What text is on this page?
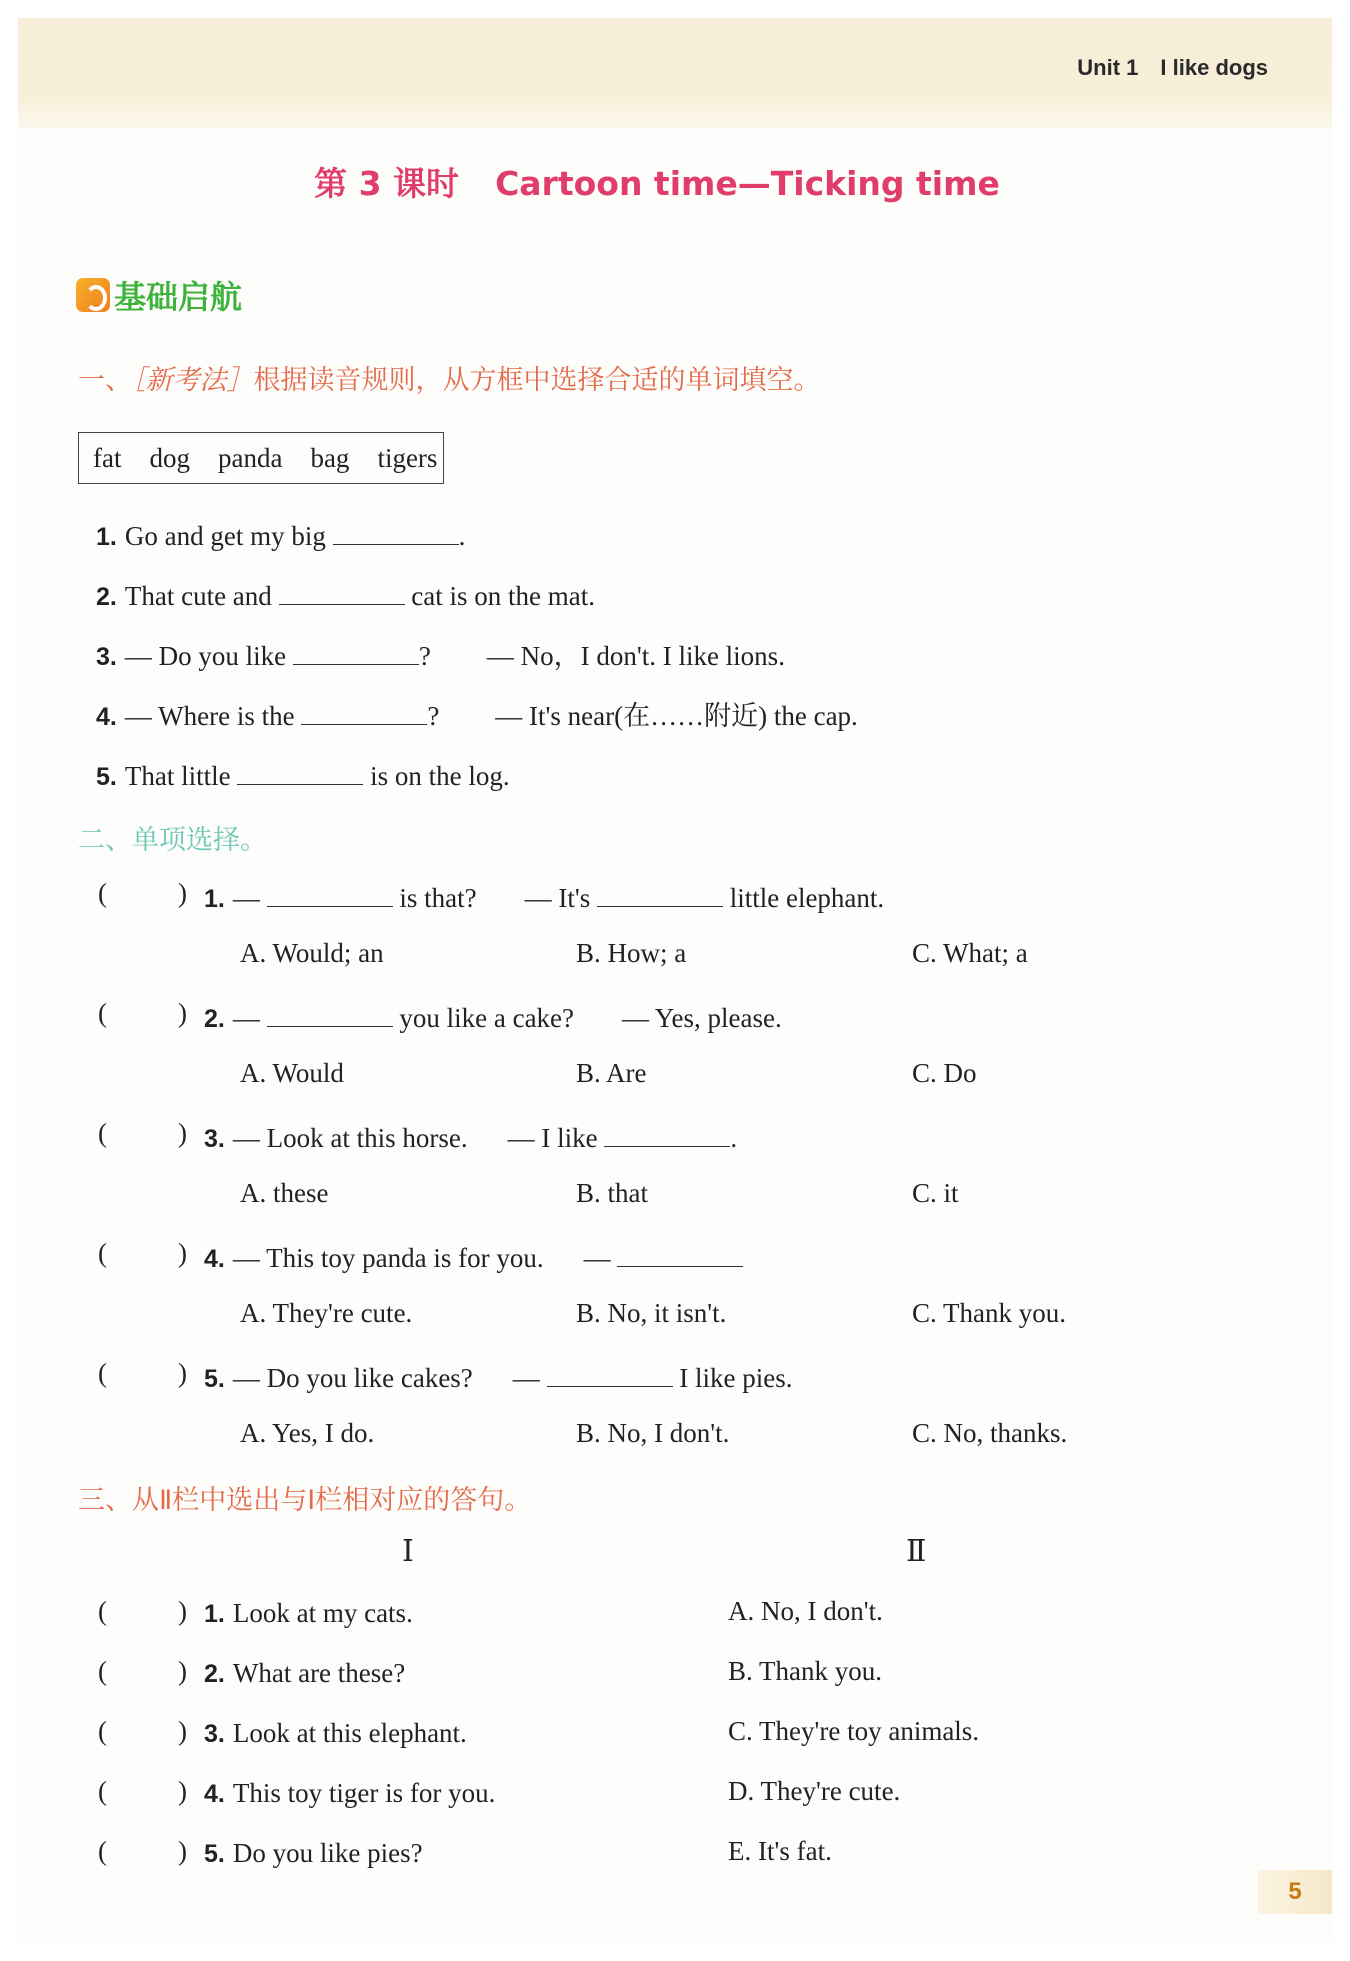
Unit 1 I like dogs
第 3 课时 Cartoon time—Ticking time
基础启航
一、［新考法］根据读音规则，从方框中选择合适的单词填空。
fat dog panda bag tigers
1. Go and get my big	.
2. That cute and	cat is on the mat.
3. — Do you like	? — No，I don't. I like lions.
4. — Where is the	? — It's near(在……附近) the cap.
5. That little	is on the log.
二、单项选择。
(	) 1. —	is that? — It's	little elephant.
A. Would; an	B. How; a	C. What; a
(	) 2. —	you like a cake? — Yes, please.
A. Would	B. Are	C. Do
(	) 3. — Look at this horse. — I like	.
A. these	B. that	C. it
(	) 4. — This toy panda is for you. —
A. They're cute.	B. No, it isn't.	C. Thank you.
(	) 5. — Do you like cakes? —	I like pies.
A. Yes, I do.	B. No, I don't.	C. No, thanks.
三、从Ⅱ栏中选出与Ⅰ栏相对应的答句。
Ⅰ	Ⅱ
(	) 1. Look at my cats.	A. No, I don't.
(	) 2. What are these?	B. Thank you.
(	) 3. Look at this elephant.	C. They're toy animals.
(	) 4. This toy tiger is for you.	D. They're cute.
(	) 5. Do you like pies?	E. It's fat.
5
